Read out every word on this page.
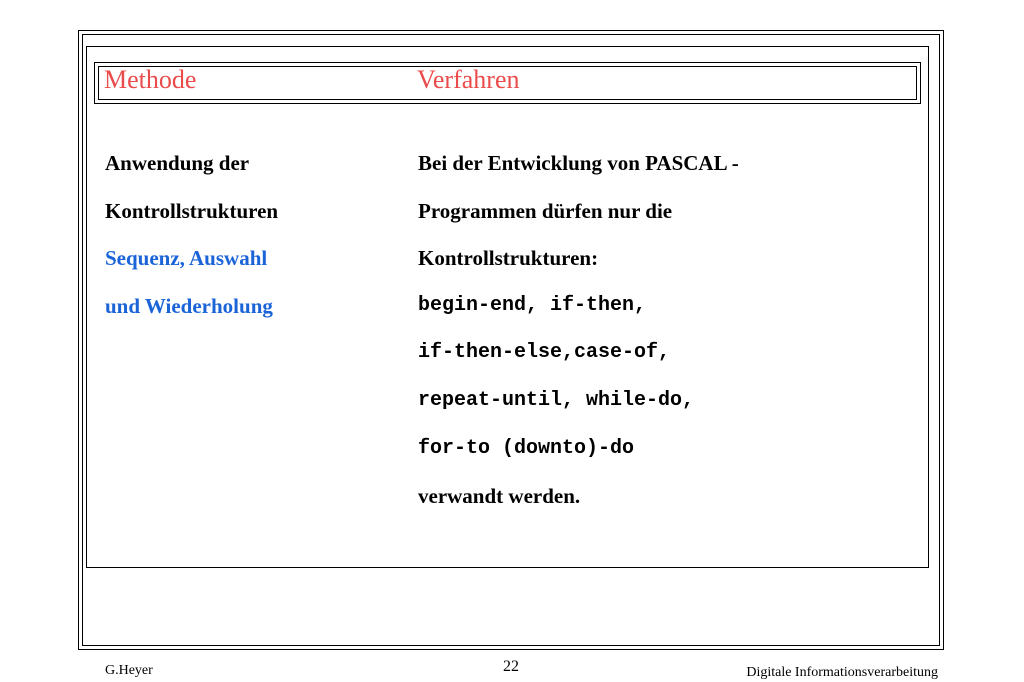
Methode	Verfahren
Anwendung der
Kontrollstrukturen
Sequenz, Auswahl
und Wiederholung
Bei der Entwicklung von PASCAL -
Programmen dürfen nur die
Kontrollstrukturen:
begin-end, if-then,
if-then-else,case-of,
repeat-until, while-do,
for-to (downto)-do
verwandt werden.
G.Heyer	22	Digitale Informationsverarbeitung
